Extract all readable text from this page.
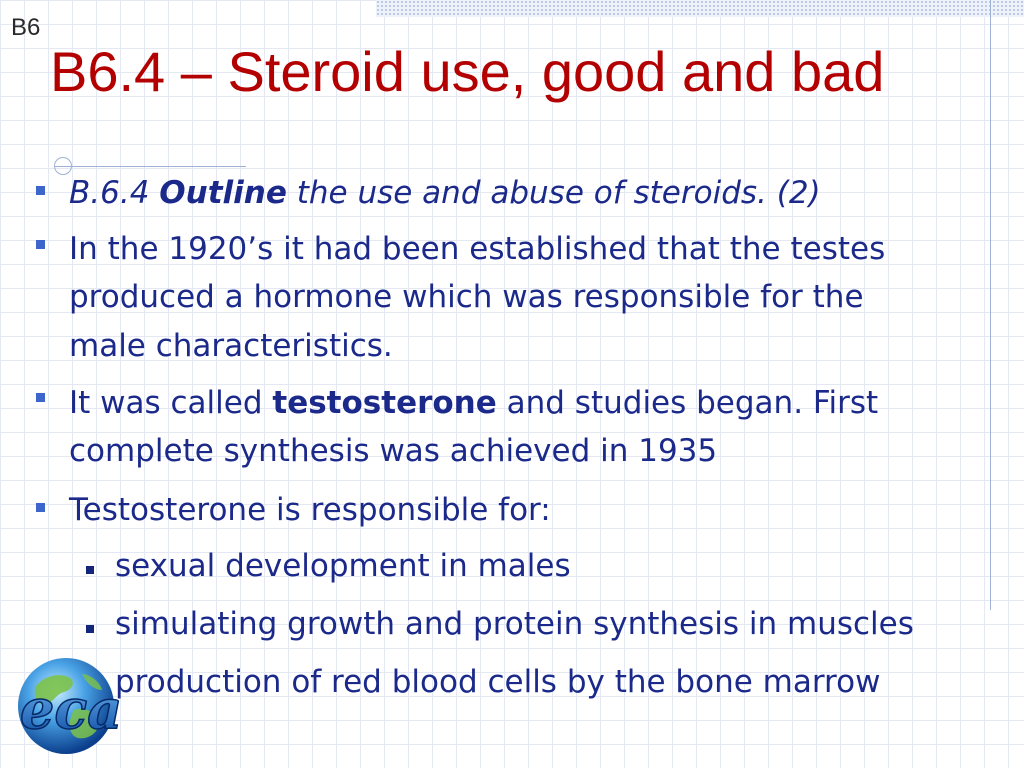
B6
B6.4 – Steroid use, good and bad

B.6.4 Outline the use and abuse of steroids. (2)

In the 1920’s it had been established that the testes

produced a hormone which was responsible for the

male characteristics.

It was called testosterone and studies began. First

complete synthesis was achieved in 1935

Testosterone is responsible for:

sexual development in males

simulating growth and protein synthesis in muscles

production of red blood cells by the bone marrow

eca
